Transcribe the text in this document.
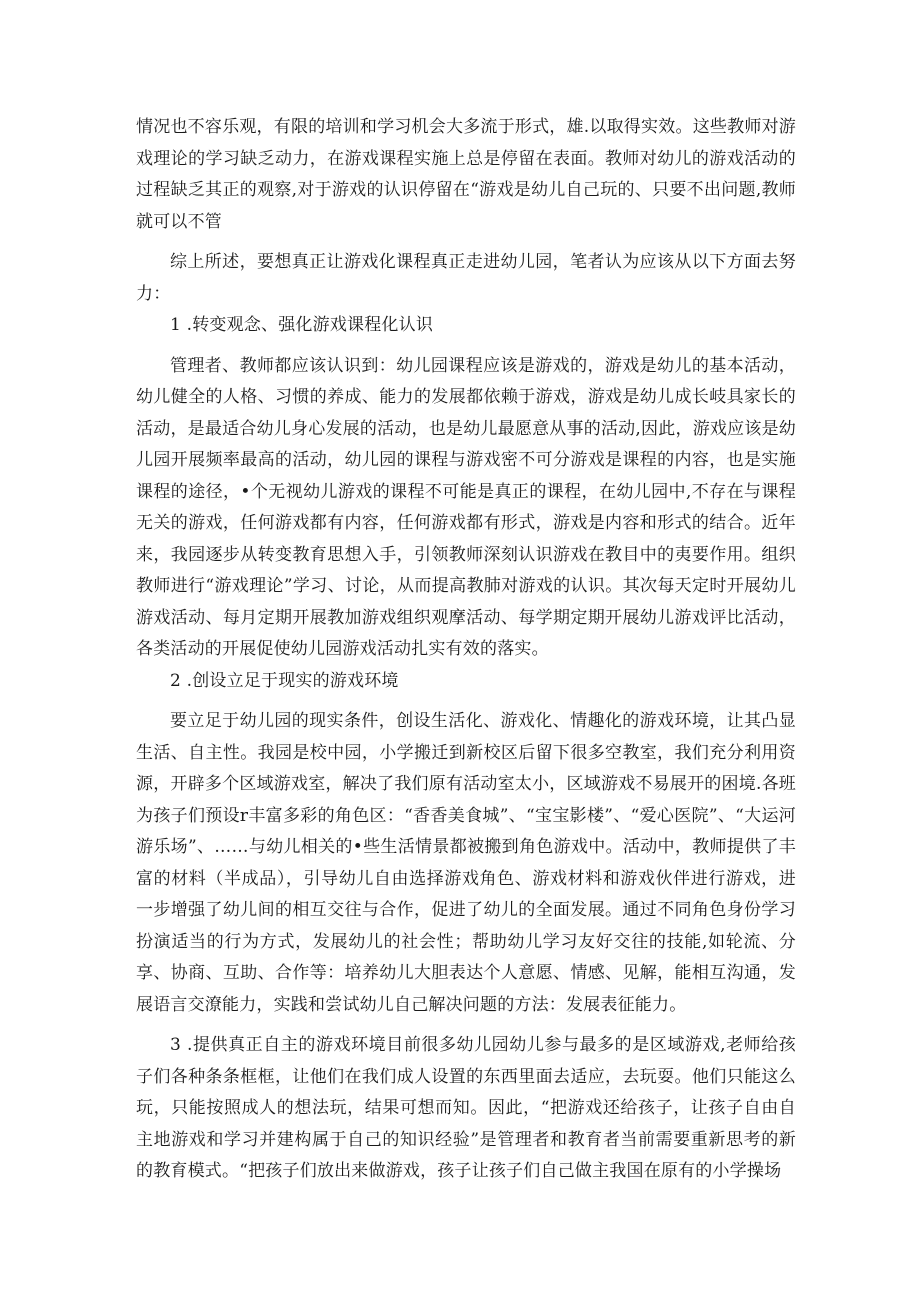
情况也不容乐观，有限的培训和学习机会大多流于形式，雄.以取得实效。这些教师对游戏理论的学习缺乏动力，在游戏课程实施上总是停留在表面。教师对幼儿的游戏活动的过程缺乏其正的观察,对于游戏的认识停留在“游戏是幼儿自己玩的、只要不出问题,教师就可以不管

综上所述，要想真正让游戏化课程真正走进幼儿园，笔者认为应该从以下方面去努力：

1 .转变观念、强化游戏课程化认识

管理者、教师都应该认识到：幼儿园课程应该是游戏的，游戏是幼儿的基本活动，幼儿健全的人格、习惯的养成、能力的发展都依赖于游戏，游戏是幼儿成长岐具家长的活动，是最适合幼儿身心发展的活动，也是幼儿最愿意从事的活动,因此，游戏应该是幼儿园开展频率最高的活动，幼儿园的课程与游戏密不可分游戏是课程的内容，也是实施课程的途径，•个无视幼儿游戏的课程不可能是真正的课程，在幼儿园中,不存在与课程无关的游戏，任何游戏都有内容，任何游戏都有形式，游戏是内容和形式的结合。近年来，我园逐步从转变教育思想入手，引领教师深刻认识游戏在教目中的夷要作用。组织教师进行“游戏理论”学习、讨论，从而提高教肺对游戏的认识。其次每天定时开展幼儿游戏活动、每月定期开展教加游戏组织观摩活动、每学期定期开展幼儿游戏评比活动，各类活动的开展促使幼儿园游戏活动扎实有效的落实。

2 .创设立足于现实的游戏环境

要立足于幼儿园的现实条件，创设生活化、游戏化、情趣化的游戏环境，让其凸显生活、自主性。我园是校中园，小学搬迁到新校区后留下很多空教室，我们充分利用资源，开辟多个区域游戏室，解决了我们原有活动室太小，区域游戏不易展开的困境.各班为孩子们预设r丰富多彩的角色区：“香香美食城”、“宝宝影楼”、“爱心医院”、“大运河游乐场”、……与幼儿相关的•些生活情景都被搬到角色游戏中。活动中，教师提供了丰富的材料（半成品），引导幼儿自由选择游戏角色、游戏材料和游戏伙伴进行游戏，进一步增强了幼儿间的相互交往与合作，促进了幼儿的全面发展。通过不同角色身份学习扮演适当的行为方式，发展幼儿的社会性；帮助幼儿学习友好交往的技能,如轮流、分享、协商、互助、合作等：培养幼儿大胆表达个人意愿、情感、见解，能相互沟通，发展语言交潦能力，实践和尝试幼儿自己解决问题的方法：发展表征能力。

3 .提供真正自主的游戏环境目前很多幼儿园幼儿参与最多的是区域游戏,老师给孩子们各种条条框框，让他们在我们成人设置的东西里面去适应，去玩耍。他们只能这么玩，只能按照成人的想法玩，结果可想而知。因此，“把游戏还给孩子，让孩子自由自主地游戏和学习并建构属于自己的知识经验”是管理者和教育者当前需要重新思考的新的教育模式。“把孩子们放出来做游戏，孩子让孩子们自己做主我国在原有的小学操场
